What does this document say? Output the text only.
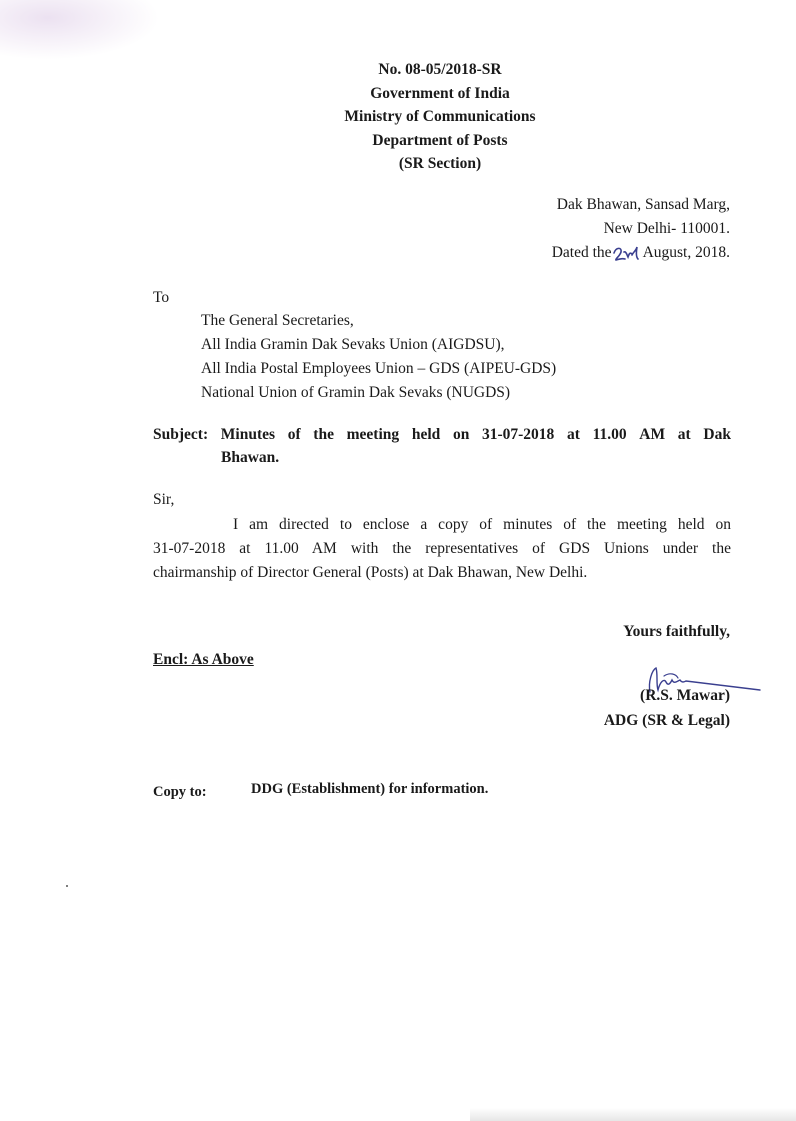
No. 08-05/2018-SR
Government of India
Ministry of Communications
Department of Posts
(SR Section)
Dak Bhawan, Sansad Marg,
New Delhi- 110001.
Dated the August, 2018.
To
The General Secretaries,
All India Gramin Dak Sevaks Union (AIGDSU),
All India Postal Employees Union – GDS (AIPEU-GDS)
National Union of Gramin Dak Sevaks (NUGDS)
Subject: Minutes of the meeting held on 31-07-2018 at 11.00 AM at Dak
Bhawan.
Sir,
I am directed to enclose a copy of minutes of the meeting held on
31-07-2018 at 11.00 AM with the representatives of GDS Unions under the
chairmanship of Director General (Posts) at Dak Bhawan, New Delhi.
Yours faithfully,
Encl: As Above
(R.S. Mawar)
ADG (SR & Legal)
Copy to:	DDG (Establishment) for information.
